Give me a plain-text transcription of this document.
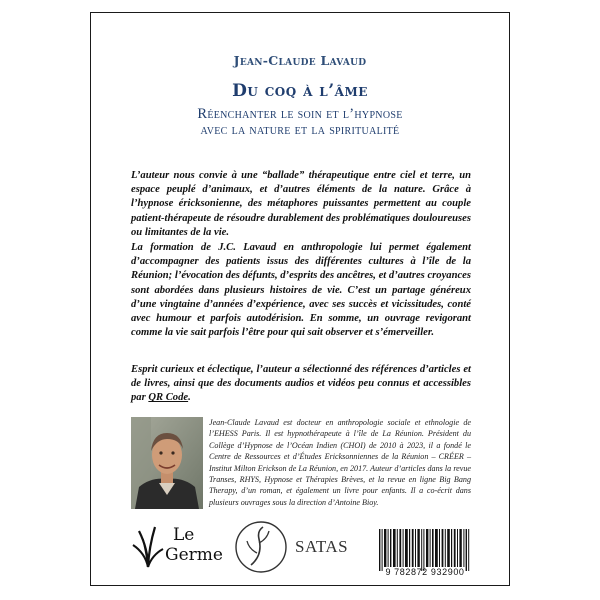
Jean-Claude Lavaud
Du coq à l’âme
Réenchanter le soin et l’hypnose
avec la nature et la spiritualité

L’auteur nous convie à une “ballade” thérapeutique entre ciel et terre, un espace peuplé d’animaux, et d’autres éléments de la nature. Grâce à l’hypnose éricksonienne, des métaphores puissantes permettent au couple patient-thérapeute de résoudre durablement des problématiques douloureuses ou limitantes de la vie.

La formation de J.C. Lavaud en anthropologie lui permet également d’accompagner des patients issus des différentes cultures à l’île de la Réunion; l’évocation des défunts, d’esprits des ancêtres, et d’autres croyances sont abordées dans plusieurs histoires de vie. C’est un partage généreux d’une vingtaine d’années d’expérience, avec ses succès et vicissitudes, conté avec humour et parfois autodérision. En somme, un ouvrage revigorant comme la vie sait parfois l’être pour qui sait observer et s’émerveiller.

Esprit curieux et éclectique, l’auteur a sélectionné des références d’articles et de livres, ainsi que des documents audios et vidéos peu connus et accessibles par QR Code.

Jean-Claude Lavaud est docteur en anthropologie sociale et ethnologie de l’EHESS Paris. Il est hypnothérapeute à l’île de La Réunion. Président du Collège d’Hypnose de l’Océan Indien (CHOI) de 2010 à 2023, il a fondé le Centre de Ressources et d’Études Ericksonniennes de la Réunion – CRÉER – Institut Milton Erickson de La Réunion, en 2017. Auteur d’articles dans la revue Transes, RHYS, Hypnose et Thérapies Brèves, et la revue en ligne Big Bang Therapy, d’un roman, et également un livre pour enfants. Il a co-écrit dans plusieurs ouvrages sous la direction d’Antoine Bioy.

Le
Germe	SATAS
9 782872 932900
